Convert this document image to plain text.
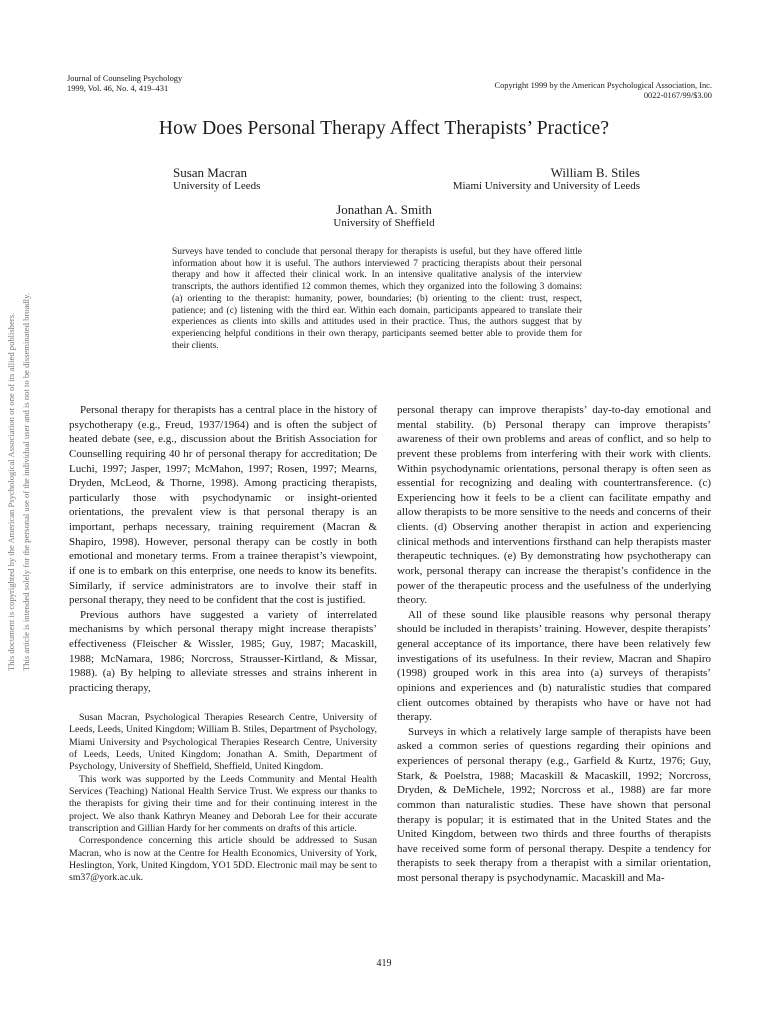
Journal of Counseling Psychology
1999, Vol. 46, No. 4, 419–431	Copyright 1999 by the American Psychological Association, Inc.
0022-0167/99/$3.00
How Does Personal Therapy Affect Therapists’ Practice?
Susan Macran
University of Leeds
William B. Stiles
Miami University and University of Leeds
Jonathan A. Smith
University of Sheffield

Surveys have tended to conclude that personal therapy for therapists is useful, but they have offered little information about how it is useful. The authors interviewed 7 practicing therapists about their personal therapy and how it affected their clinical work. In an intensive qualitative analysis of the interview transcripts, the authors identified 12 common themes, which they organized into the following 3 domains: (a) orienting to the therapist: humanity, power, boundaries; (b) orienting to the client: trust, respect, patience; and (c) listening with the third ear. Within each domain, participants appeared to translate their experiences as clients into skills and attitudes used in their practice. Thus, the authors suggest that by experiencing helpful conditions in their own therapy, participants seemed better able to provide them for their clients.

Personal therapy for therapists has a central place in the history of psychotherapy (e.g., Freud, 1937/1964) and is often the subject of heated debate (see, e.g., discussion about the British Association for Counselling requiring 40 hr of personal therapy for accreditation; De Luchi, 1997; Jasper, 1997; McMahon, 1997; Rosen, 1997; Mearns, Dryden, McLeod, & Thorne, 1998). Among practicing therapists, particularly those with psychodynamic or insight-oriented orientations, the prevalent view is that personal therapy is an important, perhaps necessary, training requirement (Macran & Shapiro, 1998). However, personal therapy can be costly in both emotional and monetary terms. From a trainee therapist’s viewpoint, if one is to embark on this enterprise, one needs to know its benefits. Similarly, if service administrators are to involve their staff in personal therapy, they need to be confident that the cost is justified.

Previous authors have suggested a variety of interrelated mechanisms by which personal therapy might increase therapists’ effectiveness (Fleischer & Wissler, 1985; Guy, 1987; Macaskill, 1988; McNamara, 1986; Norcross, Strausser-Kirtland, & Missar, 1988). (a) By helping to alleviate stresses and strains inherent in practicing therapy,

Susan Macran, Psychological Therapies Research Centre, University of Leeds, Leeds, United Kingdom; William B. Stiles, Department of Psychology, Miami University and Psychological Therapies Research Centre, University of Leeds, Leeds, United Kingdom; Jonathan A. Smith, Department of Psychology, University of Sheffield, Sheffield, United Kingdom.

This work was supported by the Leeds Community and Mental Health Services (Teaching) National Health Service Trust. We express our thanks to the therapists for giving their time and for their continuing interest in the project. We also thank Kathryn Meaney and Deborah Lee for their accurate transcription and Gillian Hardy for her comments on drafts of this article.

Correspondence concerning this article should be addressed to Susan Macran, who is now at the Centre for Health Economics, University of York, Heslington, York, United Kingdom, YO1 5DD. Electronic mail may be sent to sm37@york.ac.uk.

personal therapy can improve therapists’ day-to-day emotional and mental stability. (b) Personal therapy can improve therapists’ awareness of their own problems and areas of conflict, and so help to prevent these problems from interfering with their work with clients. Within psychodynamic orientations, personal therapy is often seen as essential for recognizing and dealing with countertransference. (c) Experiencing how it feels to be a client can facilitate empathy and allow therapists to be more sensitive to the needs and concerns of their clients. (d) Observing another therapist in action and experiencing clinical methods and interventions firsthand can help therapists master therapeutic techniques. (e) By demonstrating how psychotherapy can work, personal therapy can increase the therapist’s confidence in the power of the therapeutic process and the usefulness of the underlying theory.

All of these sound like plausible reasons why personal therapy should be included in therapists’ training. However, despite therapists’ general acceptance of its importance, there have been relatively few investigations of its usefulness. In their review, Macran and Shapiro (1998) grouped work in this area into (a) surveys of therapists’ opinions and experiences and (b) naturalistic studies that compared client outcomes obtained by therapists who have or have not had therapy.

Surveys in which a relatively large sample of therapists have been asked a common series of questions regarding their opinions and experiences of personal therapy (e.g., Garfield & Kurtz, 1976; Guy, Stark, & Poelstra, 1988; Macaskill & Macaskill, 1992; Norcross, Dryden, & DeMichele, 1992; Norcross et al., 1988) are far more common than naturalistic studies. These have shown that personal therapy is popular; it is estimated that in the United States and the United Kingdom, between two thirds and three fourths of therapists have received some form of personal therapy. Despite a tendency for therapists to seek therapy from a therapist with a similar orientation, most personal therapy is psychodynamic. Macaskill and Ma-

419
This document is copyrighted by the American Psychological Association or one of its allied publishers. This article is intended solely for the personal use of the individual user and is not to be disseminated broadly.
